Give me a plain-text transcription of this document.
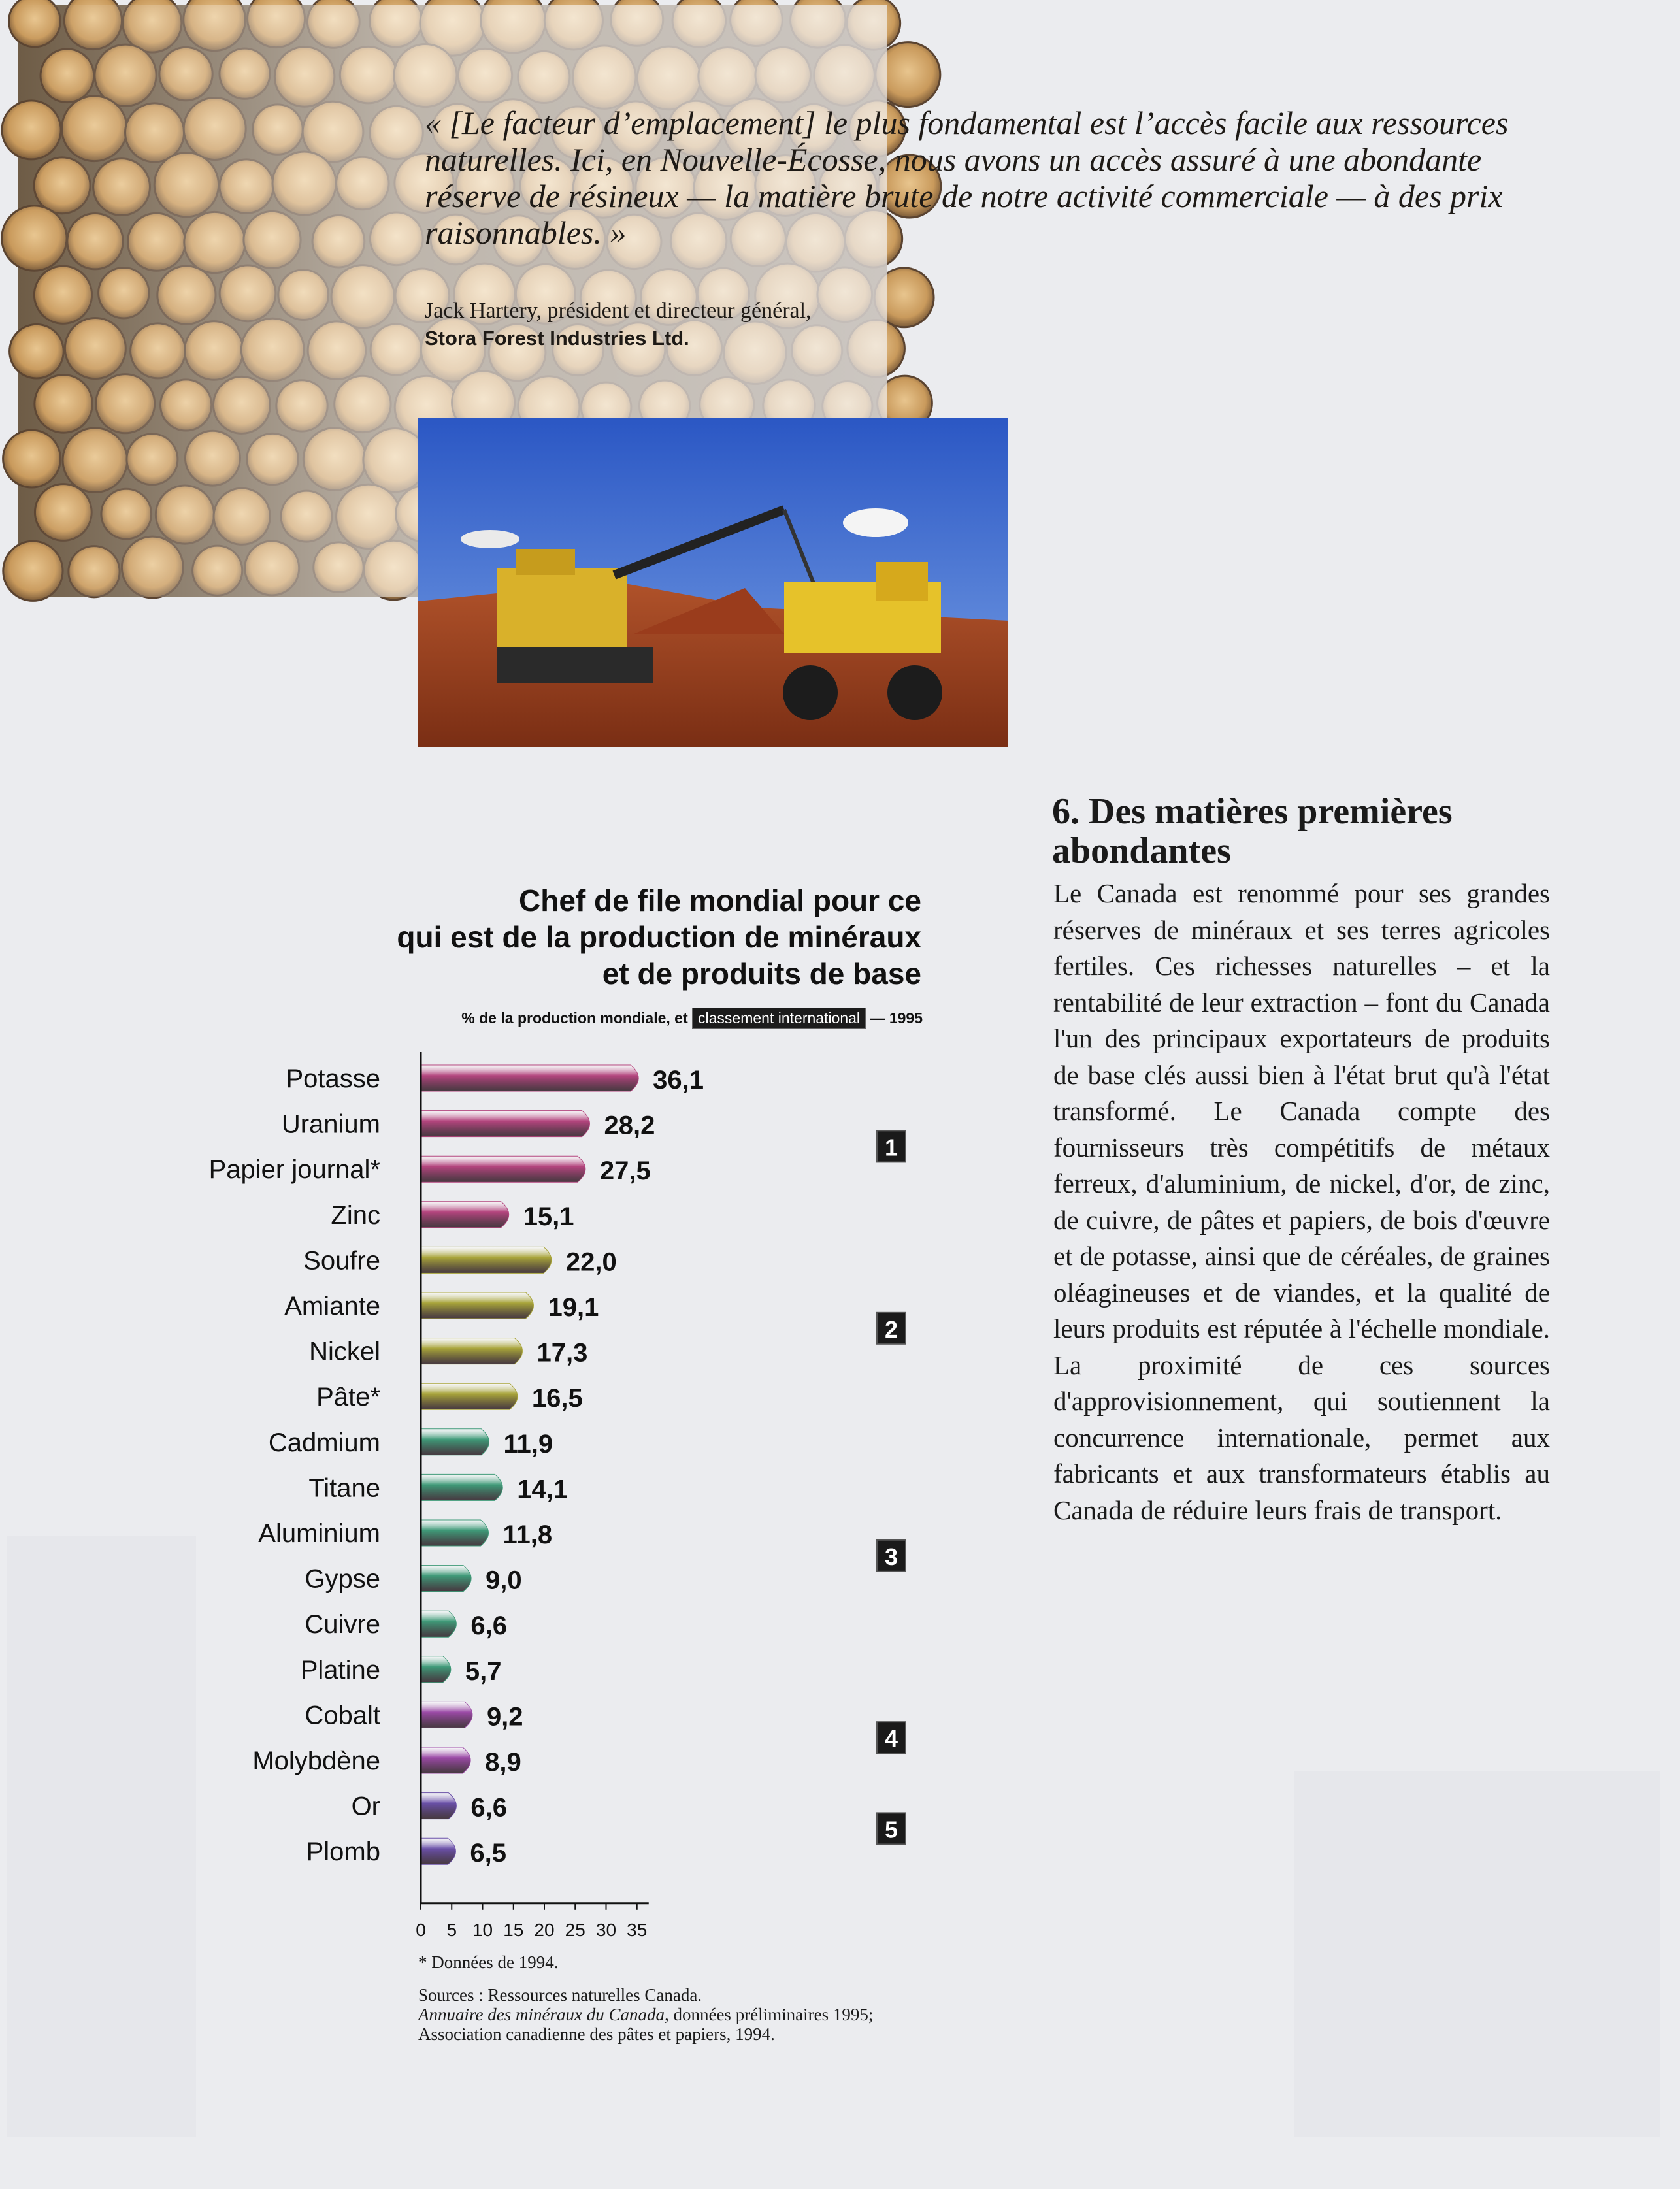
« [Le facteur d’emplacement] le plus fondamental est l’accès facile aux ressources naturelles. Ici, en Nouvelle-Écosse, nous avons un accès assuré à une abondante réserve de résineux — la matière brute de notre activité commerciale — à des prix raisonnables. »
Jack Hartery, président et directeur général,
Stora Forest Industries Ltd.
6. Des matières premières abondantes
Le Canada est renommé pour ses grandes réserves de minéraux et ses terres agricoles fertiles. Ces richesses naturelles – et la rentabilité de leur extraction – font du Canada l'un des principaux exportateurs de produits de base clés aussi bien à l'état brut qu'à l'état transformé. Le Canada compte des fournisseurs très compétitifs de métaux ferreux, d'aluminium, de nickel, d'or, de zinc, de cuivre, de pâtes et papiers, de bois d'œuvre et de potasse, ainsi que de céréales, de graines oléagineuses et de viandes, et la qualité de leurs produits est réputée à l'échelle mondiale. La proximité de ces sources d'approvisionnement, qui soutiennent la concurrence internationale, permet aux fabricants et aux transformateurs établis au Canada de réduire leurs frais de transport.
Chef de file mondial pour ce
qui est de la production de minéraux
et de produits de base
% de la production mondiale, et classement international — 1995
Potasse	36,1
Uranium	28,2
Papier journal*	27,5
Zinc	15,1
Soufre	22,0
Amiante	19,1
Nickel	17,3
Pâte*	16,5
Cadmium	11,9
Titane	14,1
Aluminium	11,8
Gypse	9,0
Cuivre	6,6
Platine	5,7
Cobalt	9,2
Molybdène	8,9
Or	6,6
Plomb	6,5
1
2
3
4
5
0 5 10 15 20 25 30 35
* Données de 1994.
Sources : Ressources naturelles Canada.
Annuaire des minéraux du Canada, données préliminaires 1995;
Association canadienne des pâtes et papiers, 1994.
